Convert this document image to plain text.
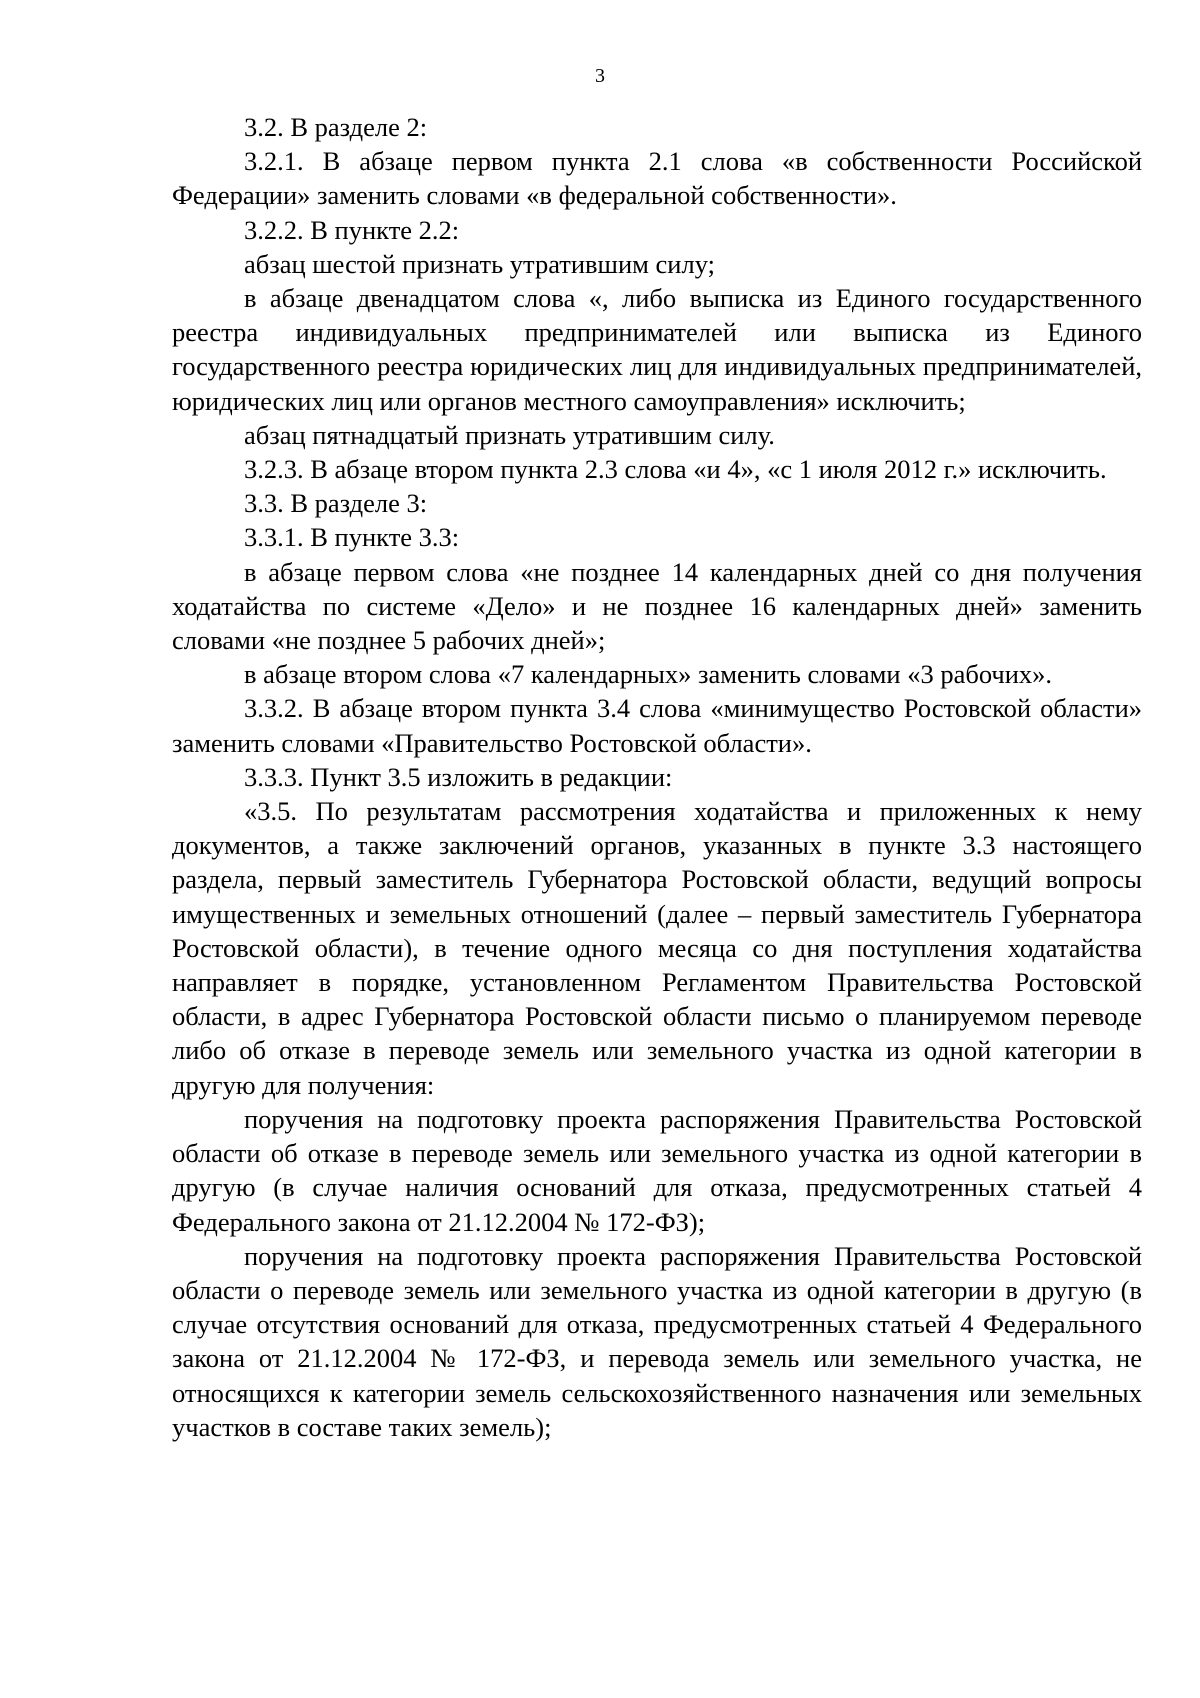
3

3.2. В разделе 2:

3.2.1. В абзаце первом пункта 2.1 слова «в собственности Российской Федерации» заменить словами «в федеральной собственности».

3.2.2. В пункте 2.2:

абзац шестой признать утратившим силу;

в абзаце двенадцатом слова «, либо выписка из Единого государственного реестра индивидуальных предпринимателей или выписка из Единого государственного реестра юридических лиц для индивидуальных предпринимателей, юридических лиц или органов местного самоуправления» исключить;

абзац пятнадцатый признать утратившим силу.

3.2.3. В абзаце втором пункта 2.3 слова «и 4», «с 1 июля 2012 г.» исключить.

3.3. В разделе 3:

3.3.1. В пункте 3.3:

в абзаце первом слова «не позднее 14 календарных дней со дня получения ходатайства по системе «Дело» и не позднее 16 календарных дней» заменить словами «не позднее 5 рабочих дней»;

в абзаце втором слова «7 календарных» заменить словами «3 рабочих».

3.3.2. В абзаце втором пункта 3.4 слова «минимущество Ростовской области» заменить словами «Правительство Ростовской области».

3.3.3. Пункт 3.5 изложить в редакции:

«3.5. По результатам рассмотрения ходатайства и приложенных к нему документов, а также заключений органов, указанных в пункте 3.3 настоящего раздела, первый заместитель Губернатора Ростовской области, ведущий вопросы имущественных и земельных отношений (далее – первый заместитель Губернатора Ростовской области), в течение одного месяца со дня поступления ходатайства направляет в порядке, установленном Регламентом Правительства Ростовской области, в адрес Губернатора Ростовской области письмо о планируемом переводе либо об отказе в переводе земель или земельного участка из одной категории в другую для получения:

поручения на подготовку проекта распоряжения Правительства Ростовской области об отказе в переводе земель или земельного участка из одной категории в другую (в случае наличия оснований для отказа, предусмотренных статьей 4 Федерального закона от 21.12.2004 № 172-ФЗ);

поручения на подготовку проекта распоряжения Правительства Ростовской области о переводе земель или земельного участка из одной категории в другую (в случае отсутствия оснований для отказа, предусмотренных статьей 4 Федерального закона от 21.12.2004 № 172-ФЗ, и перевода земель или земельного участка, не относящихся к категории земель сельскохозяйственного назначения или земельных участков в составе таких земель);
